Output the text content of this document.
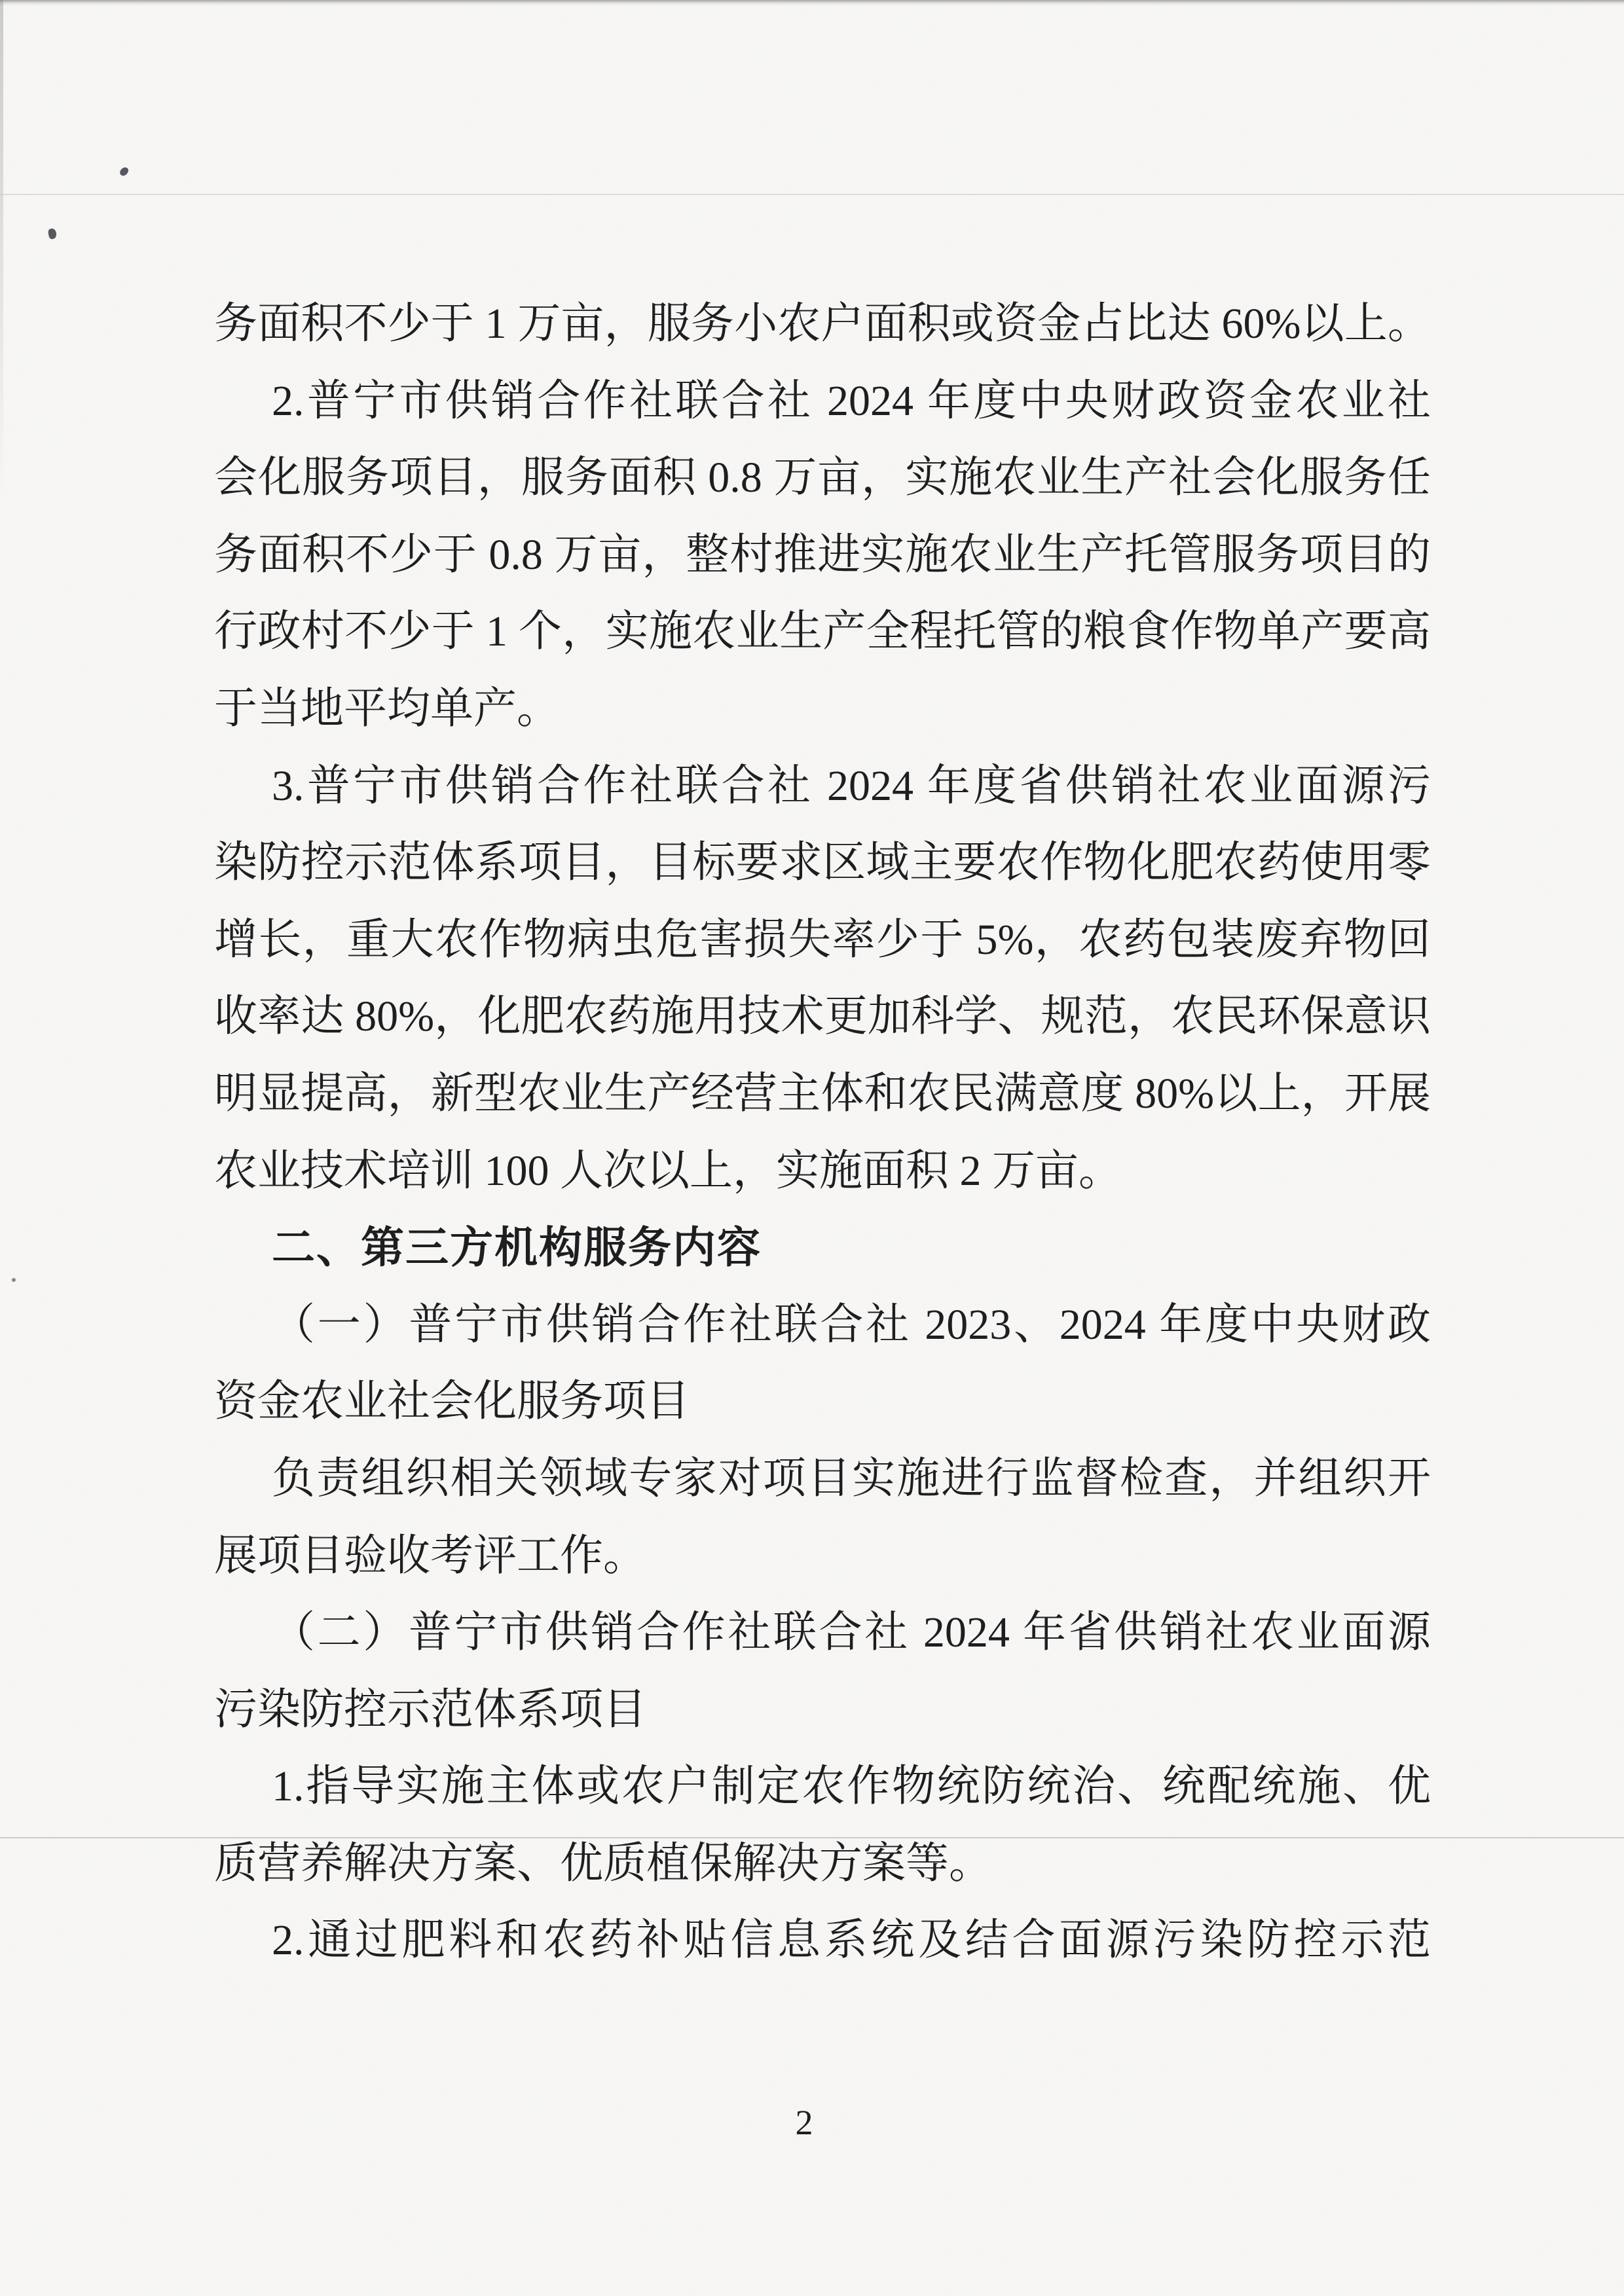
务面积不少于 1 万亩，服务小农户面积或资金占比达 60%以上。
2.普宁市供销合作社联合社 2024 年度中央财政资金农业社
会化服务项目，服务面积 0.8 万亩，实施农业生产社会化服务任
务面积不少于 0.8 万亩，整村推进实施农业生产托管服务项目的
行政村不少于 1 个，实施农业生产全程托管的粮食作物单产要高
于当地平均单产。
3.普宁市供销合作社联合社 2024 年度省供销社农业面源污
染防控示范体系项目，目标要求区域主要农作物化肥农药使用零
增长，重大农作物病虫危害损失率少于 5%，农药包装废弃物回
收率达 80%，化肥农药施用技术更加科学、规范，农民环保意识
明显提高，新型农业生产经营主体和农民满意度 80%以上，开展
农业技术培训 100 人次以上，实施面积 2 万亩。
二、第三方机构服务内容
（一）普宁市供销合作社联合社 2023、2024 年度中央财政
资金农业社会化服务项目
负责组织相关领域专家对项目实施进行监督检查，并组织开
展项目验收考评工作。
（二）普宁市供销合作社联合社 2024 年省供销社农业面源
污染防控示范体系项目
1.指导实施主体或农户制定农作物统防统治、统配统施、优
质营养解决方案、优质植保解决方案等。
2.通过肥料和农药补贴信息系统及结合面源污染防控示范
2
